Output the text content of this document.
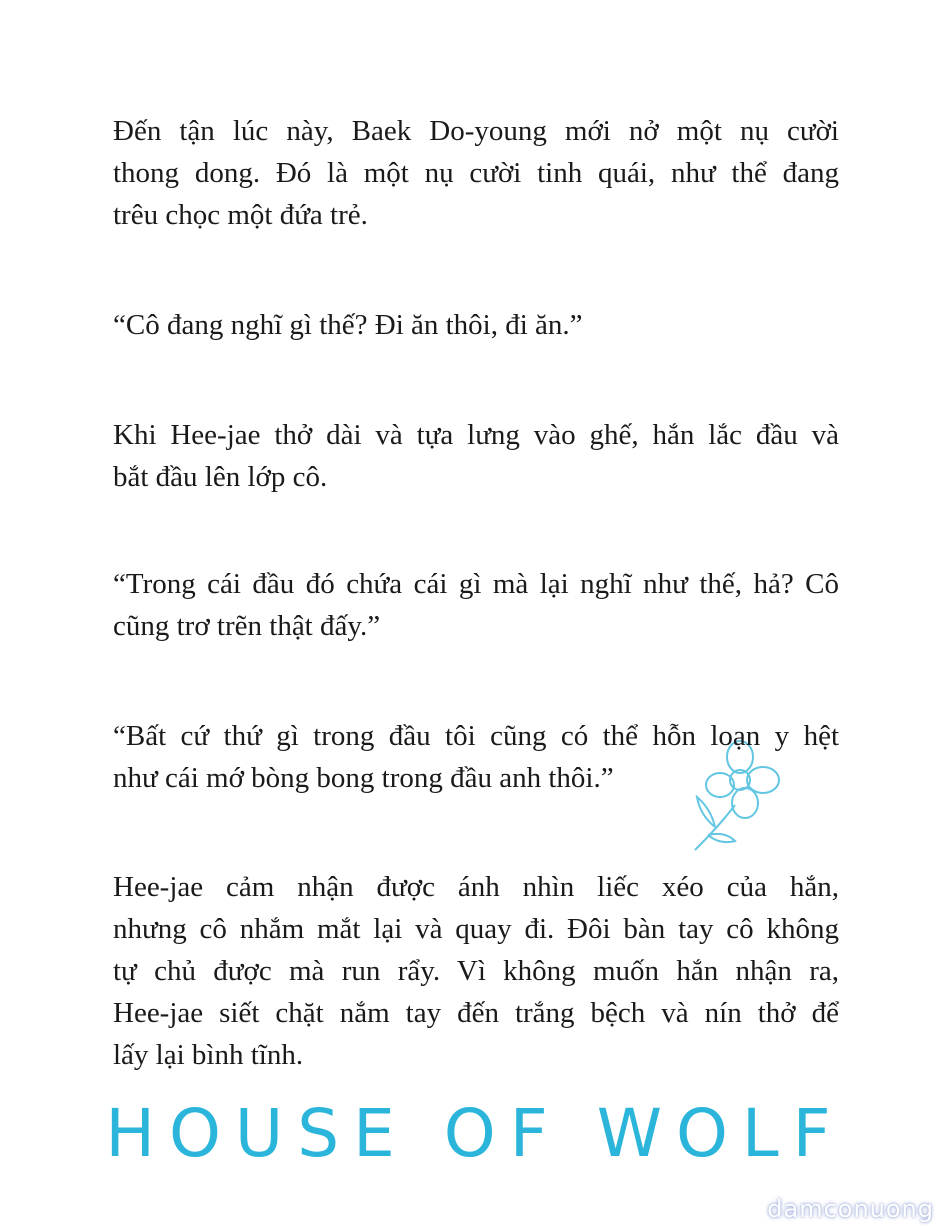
Đến tận lúc này, Baek Do-young mới nở một nụ cười
thong dong. Đó là một nụ cười tinh quái, như thể đang
trêu chọc một đứa trẻ.
“Cô đang nghĩ gì thế? Đi ăn thôi, đi ăn.”
Khi Hee-jae thở dài và tựa lưng vào ghế, hắn lắc đầu và
bắt đầu lên lớp cô.
“Trong cái đầu đó chứa cái gì mà lại nghĩ như thế, hả? Cô
cũng trơ trẽn thật đấy.”
“Bất cứ thứ gì trong đầu tôi cũng có thể hỗn loạn y hệt
như cái mớ bòng bong trong đầu anh thôi.”
Hee-jae cảm nhận được ánh nhìn liếc xéo của hắn,
nhưng cô nhắm mắt lại và quay đi. Đôi bàn tay cô không
tự chủ được mà run rẩy. Vì không muốn hắn nhận ra,
Hee-jae siết chặt nắm tay đến trắng bệch và nín thở để
lấy lại bình tĩnh.
HOUSE OF WOLF
damconuong
